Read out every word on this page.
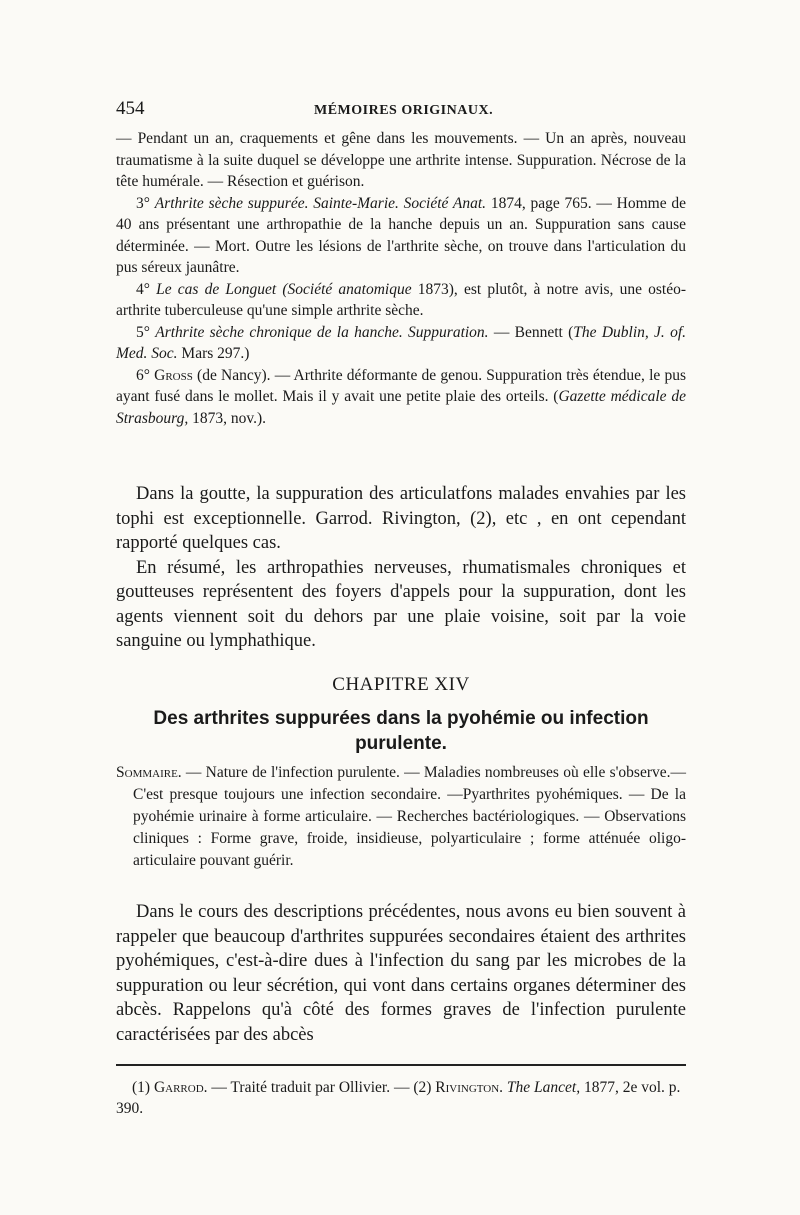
454	MÉMOIRES ORIGINAUX.

— Pendant un an, craquements et gêne dans les mouvements. — Un an après, nouveau traumatisme à la suite duquel se développe une arthrite intense. Suppuration. Nécrose de la tête humérale. — Résection et guérison.

3° Arthrite sèche suppurée. Sainte-Marie. Société Anat. 1874, page 765. — Homme de 40 ans présentant une arthropathie de la hanche depuis un an. Suppuration sans cause déterminée. — Mort. Outre les lésions de l'arthrite sèche, on trouve dans l'articulation du pus séreux jaunâtre.

4° Le cas de Longuet (Société anatomique 1873), est plutôt, à notre avis, une ostéo-arthrite tuberculeuse qu'une simple arthrite sèche.

5° Arthrite sèche chronique de la hanche. Suppuration. — Bennett (The Dublin, J. of. Med. Soc. Mars 297.)

6° Gross (de Nancy). — Arthrite déformante de genou. Suppuration très étendue, le pus ayant fusé dans le mollet. Mais il y avait une petite plaie des orteils. (Gazette médicale de Strasbourg, 1873, nov.).

Dans la goutte, la suppuration des articulatfons malades envahies par les tophi est exceptionnelle. Garrod. Rivington, (2), etc , en ont cependant rapporté quelques cas.

En résumé, les arthropathies nerveuses, rhumatismales chroniques et goutteuses représentent des foyers d'appels pour la suppuration, dont les agents viennent soit du dehors par une plaie voisine, soit par la voie sanguine ou lymphathique.

CHAPITRE XIV
Des arthrites suppurées dans la pyohémie ou infection purulente.

Sommaire. — Nature de l'infection purulente. — Maladies nombreuses où elle s'observe.— C'est presque toujours une infection secondaire. —Pyarthrites pyohémiques. — De la pyohémie urinaire à forme articulaire. — Recherches bactériologiques. — Observations cliniques : Forme grave, froide, insidieuse, polyarticulaire ; forme atténuée oligo-articulaire pouvant guérir.

Dans le cours des descriptions précédentes, nous avons eu bien souvent à rappeler que beaucoup d'arthrites suppurées secondaires étaient des arthrites pyohémiques, c'est-à-dire dues à l'infection du sang par les microbes de la suppuration ou leur sécrétion, qui vont dans certains organes déterminer des abcès. Rappelons qu'à côté des formes graves de l'infection purulente caractérisées par des abcès

(1) Garrod. — Traité traduit par Ollivier. — (2) Rivington. The Lancet, 1877, 2e vol. p. 390.
